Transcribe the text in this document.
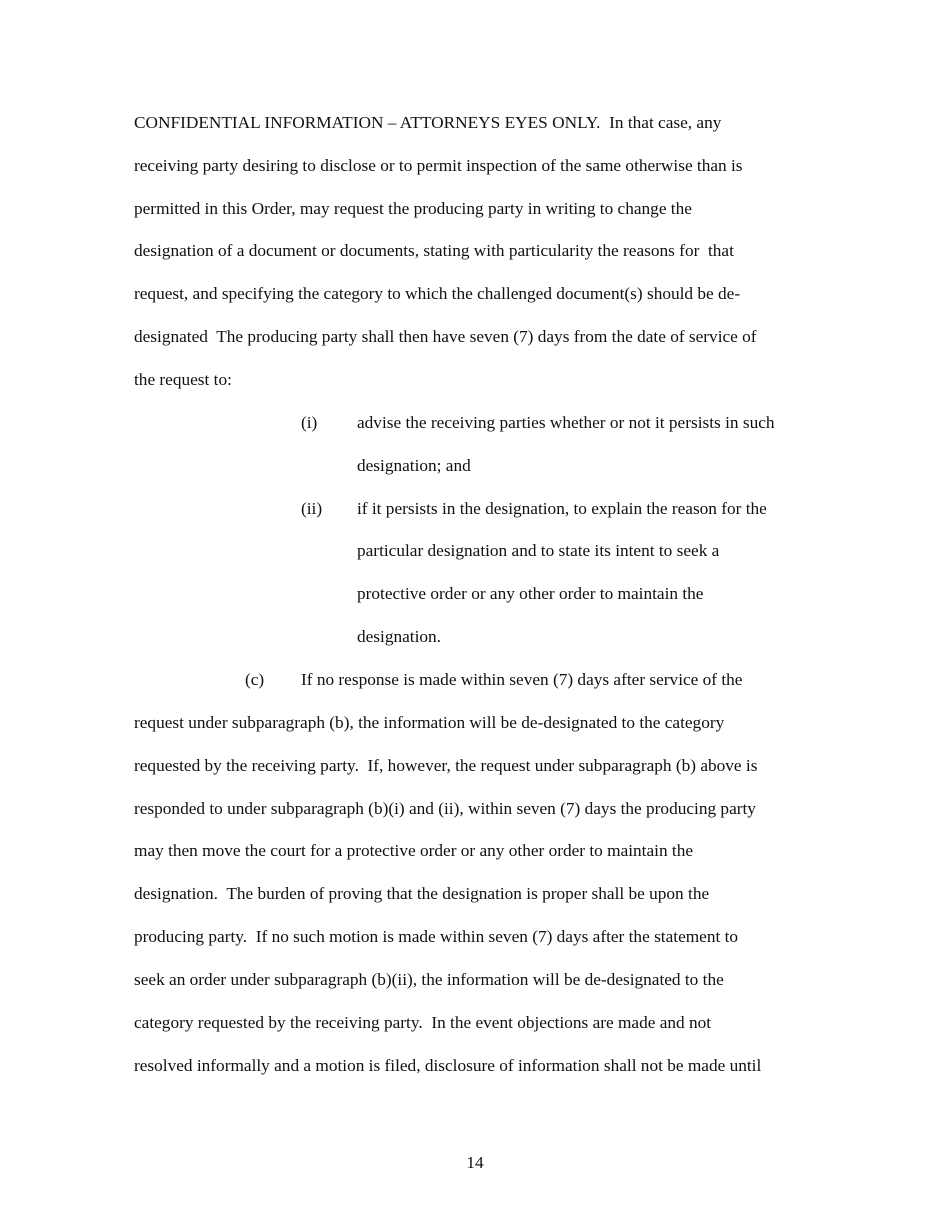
CONFIDENTIAL INFORMATION – ATTORNEYS EYES ONLY.  In that case, any
receiving party desiring to disclose or to permit inspection of the same otherwise than is
permitted in this Order, may request the producing party in writing to change the
designation of a document or documents, stating with particularity the reasons for  that
request, and specifying the category to which the challenged document(s) should be de-
designated  The producing party shall then have seven (7) days from the date of service of
the request to:
(i) advise the receiving parties whether or not it persists in such
designation; and
(ii) if it persists in the designation, to explain the reason for the
particular designation and to state its intent to seek a
protective order or any other order to maintain the
designation.
(c) If no response is made within seven (7) days after service of the
request under subparagraph (b), the information will be de-designated to the category
requested by the receiving party.  If, however, the request under subparagraph (b) above is
responded to under subparagraph (b)(i) and (ii), within seven (7) days the producing party
may then move the court for a protective order or any other order to maintain the
designation.  The burden of proving that the designation is proper shall be upon the
producing party.  If no such motion is made within seven (7) days after the statement to
seek an order under subparagraph (b)(ii), the information will be de-designated to the
category requested by the receiving party.  In the event objections are made and not
resolved informally and a motion is filed, disclosure of information shall not be made until
14
